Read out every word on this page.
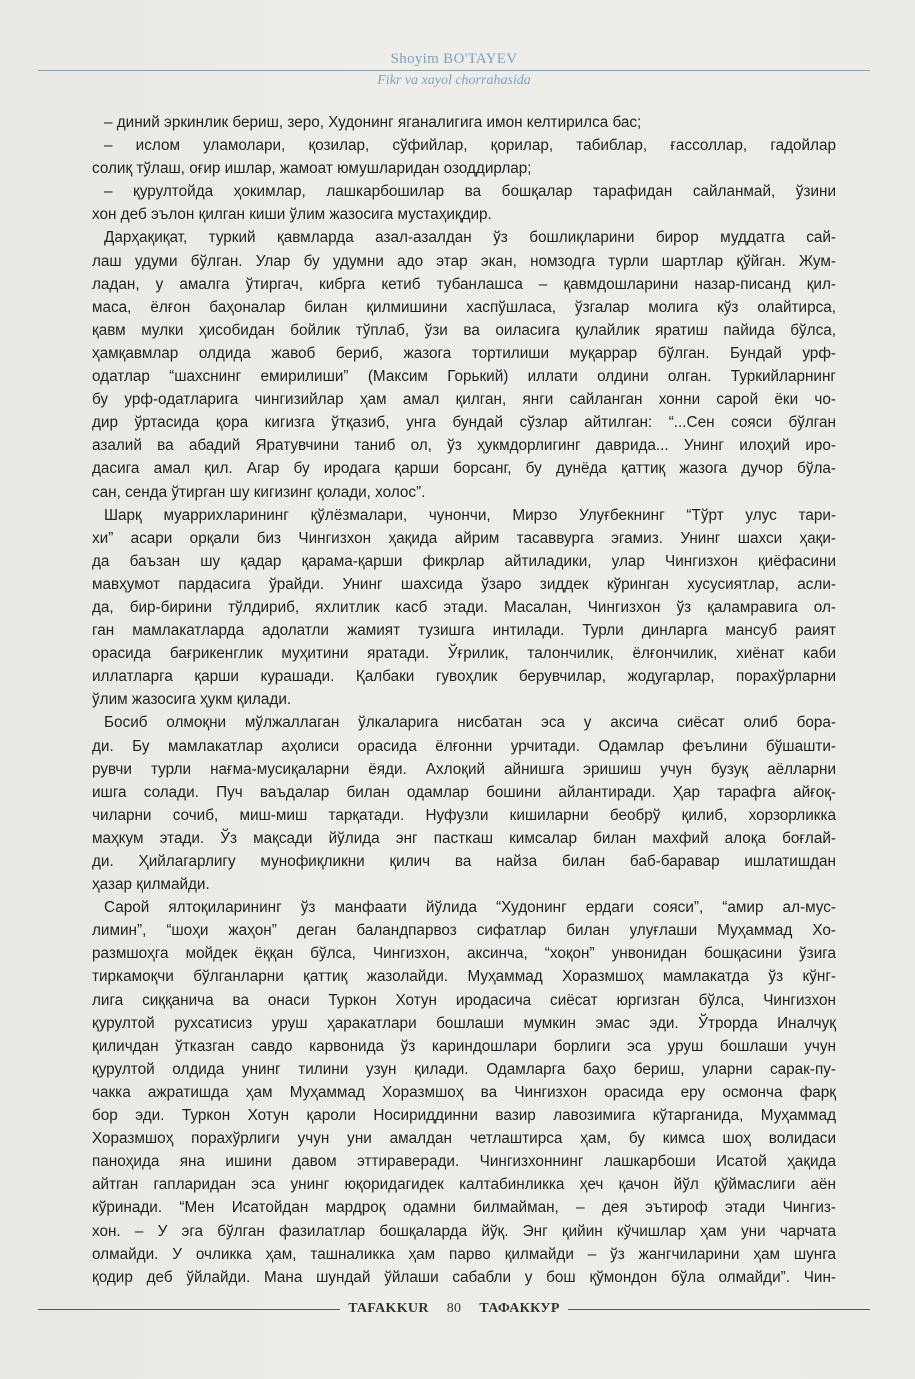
Shoyim BO'TAYEV
Fikr va xayol chorrahasida
– диний эркинлик бериш, зеро, Худонинг яганалигига имон келтирилса бас;
– ислом уламолари, қозилар, сўфийлар, қорилар, табиблар, ғассоллар, гадойлар
солиқ тўлаш, оғир ишлар, жамоат юмушларидан озоддирлар;
– қурултойда ҳокимлар, лашкарбошилар ва бошқалар тарафидан сайланмай, ўзини
хон деб эълон қилган киши ўлим жазосига мустаҳиқдир.
Дарҳақиқат, туркий қавмларда азал-азалдан ўз бошлиқларини бирор муддатга сай-
лаш удуми бўлган. Улар бу удумни адо этар экан, номзодга турли шартлар қўйган. Жум-
ладан, у амалга ўтиргач, кибрга кетиб тубанлашса – қавмдошларини назар-писанд қил-
маса, ёлғон баҳоналар билан қилмишини хаспўшласа, ўзгалар молига кўз олайтирса,
қавм мулки ҳисобидан бойлик тўплаб, ўзи ва оиласига қулайлик яратиш пайида бўлса,
ҳамқавмлар олдида жавоб бериб, жазога тортилиши муқаррар бўлган. Бундай урф-
одатлар “шахснинг емирилиши” (Максим Горький) иллати олдини олган. Туркийларнинг
бу урф-одатларига чингизийлар ҳам амал қилган, янги сайланган хонни сарой ёки чо-
дир ўртасида қора кигизга ўтқазиб, унга бундай сўзлар айтилган: “...Сен сояси бўлган
азалий ва абадий Яратувчини таниб ол, ўз ҳукмдорлигинг даврида... Унинг илоҳий иро-
дасига амал қил. Агар бу иродага қарши борсанг, бу дунёда қаттиқ жазога дучор бўла-
сан, сенда ўтирган шу кигизинг қолади, холос”.
Шарқ муаррихларининг қўлёзмалари, чунончи, Мирзо Улуғбекнинг “Тўрт улус тари-
хи” асари орқали биз Чингизхон ҳақида айрим тасаввурга эгамиз. Унинг шахси ҳақи-
да баъзан шу қадар қарама-қарши фикрлар айтиладики, улар Чингизхон қиёфасини
мавҳумот пардасига ўрайди. Унинг шахсида ўзаро зиддек кўринган хусусиятлар, асли-
да, бир-бирини тўлдириб, яхлитлик касб этади. Масалан, Чингизхон ўз қаламравига ол-
ган мамлакатларда адолатли жамият тузишга интилади. Турли динларга мансуб раият
орасида бағрикенглик муҳитини яратади. Ўғрилик, талончилик, ёлғончилик, хиёнат каби
иллатларга қарши курашади. Қалбаки гувоҳлик берувчилар, жодугарлар, порахўрларни
ўлим жазосига ҳукм қилади.
Босиб олмоқни мўлжаллаган ўлкаларига нисбатан эса у аксича сиёсат олиб бора-
ди. Бу мамлакатлар аҳолиси орасида ёлғонни урчитади. Одамлар феълини бўшашти-
рувчи турли нағма-мусиқаларни ёяди. Ахлоқий айнишга эришиш учун бузуқ аёлларни
ишга солади. Пуч ваъдалар билан одамлар бошини айлантиради. Ҳар тарафга айғоқ-
чиларни сочиб, миш-миш тарқатади. Нуфузли кишиларни беобрў қилиб, хорзорликка
маҳкум этади. Ўз мақсади йўлида энг пасткаш кимсалар билан махфий алоқа боғлай-
ди. Ҳийлагарлигу мунофиқликни қилич ва найза билан баб-баравар ишлатишдан
ҳазар қилмайди.
Сарой ялтоқиларининг ўз манфаати йўлида “Худонинг ердаги сояси”, “амир ал-мус-
лимин”, “шоҳи жаҳон” деган баландпарвоз сифатлар билан улуғлаши Муҳаммад Хо-
размшоҳга мойдек ёққан бўлса, Чингизхон, аксинча, “хоқон” унвонидан бошқасини ўзига
тиркамоқчи бўлганларни қаттиқ жазолайди. Муҳаммад Хоразмшоҳ мамлакатда ўз кўнг-
лига сиққанича ва онаси Туркон Хотун иродасича сиёсат юргизган бўлса, Чингизхон
қурултой рухсатисиз уруш ҳаракатлари бошлаши мумкин эмас эди. Ўтрорда Иналчуқ
қиличдан ўтказган савдо карвонида ўз кариндошлари борлиги эса уруш бошлаши учун
қурултой олдида унинг тилини узун қилади. Одамларга баҳо бериш, уларни сарак-пу-
чакка ажратишда ҳам Муҳаммад Хоразмшоҳ ва Чингизхон орасида еру осмонча фарқ
бор эди. Туркон Хотун қароли Носириддинни вазир лавозимига кўтарганида, Муҳаммад
Хоразмшоҳ порахўрлиги учун уни амалдан четлаштирса ҳам, бу кимса шоҳ волидаси
паноҳида яна ишини давом эттираверади. Чингизхоннинг лашкарбоши Исатой ҳақида
айтган гапларидан эса унинг юқоридагидек калтабинликка ҳеч қачон йўл қўймаслиги аён
кўринади. “Мен Исатойдан мардроқ одамни билмайман, – дея эътироф этади Чингиз-
хон. – У эга бўлган фазилатлар бошқаларда йўқ. Энг қийин кўчишлар ҳам уни чарчата
олмайди. У очликка ҳам, ташналикка ҳам парво қилмайди – ўз жангчиларини ҳам шунга
қодир деб ўйлайди. Мана шундай ўйлаши сабабли у бош қўмондон бўла олмайди”. Чин-
TAFAKKUR 80 ТАФАККУР
